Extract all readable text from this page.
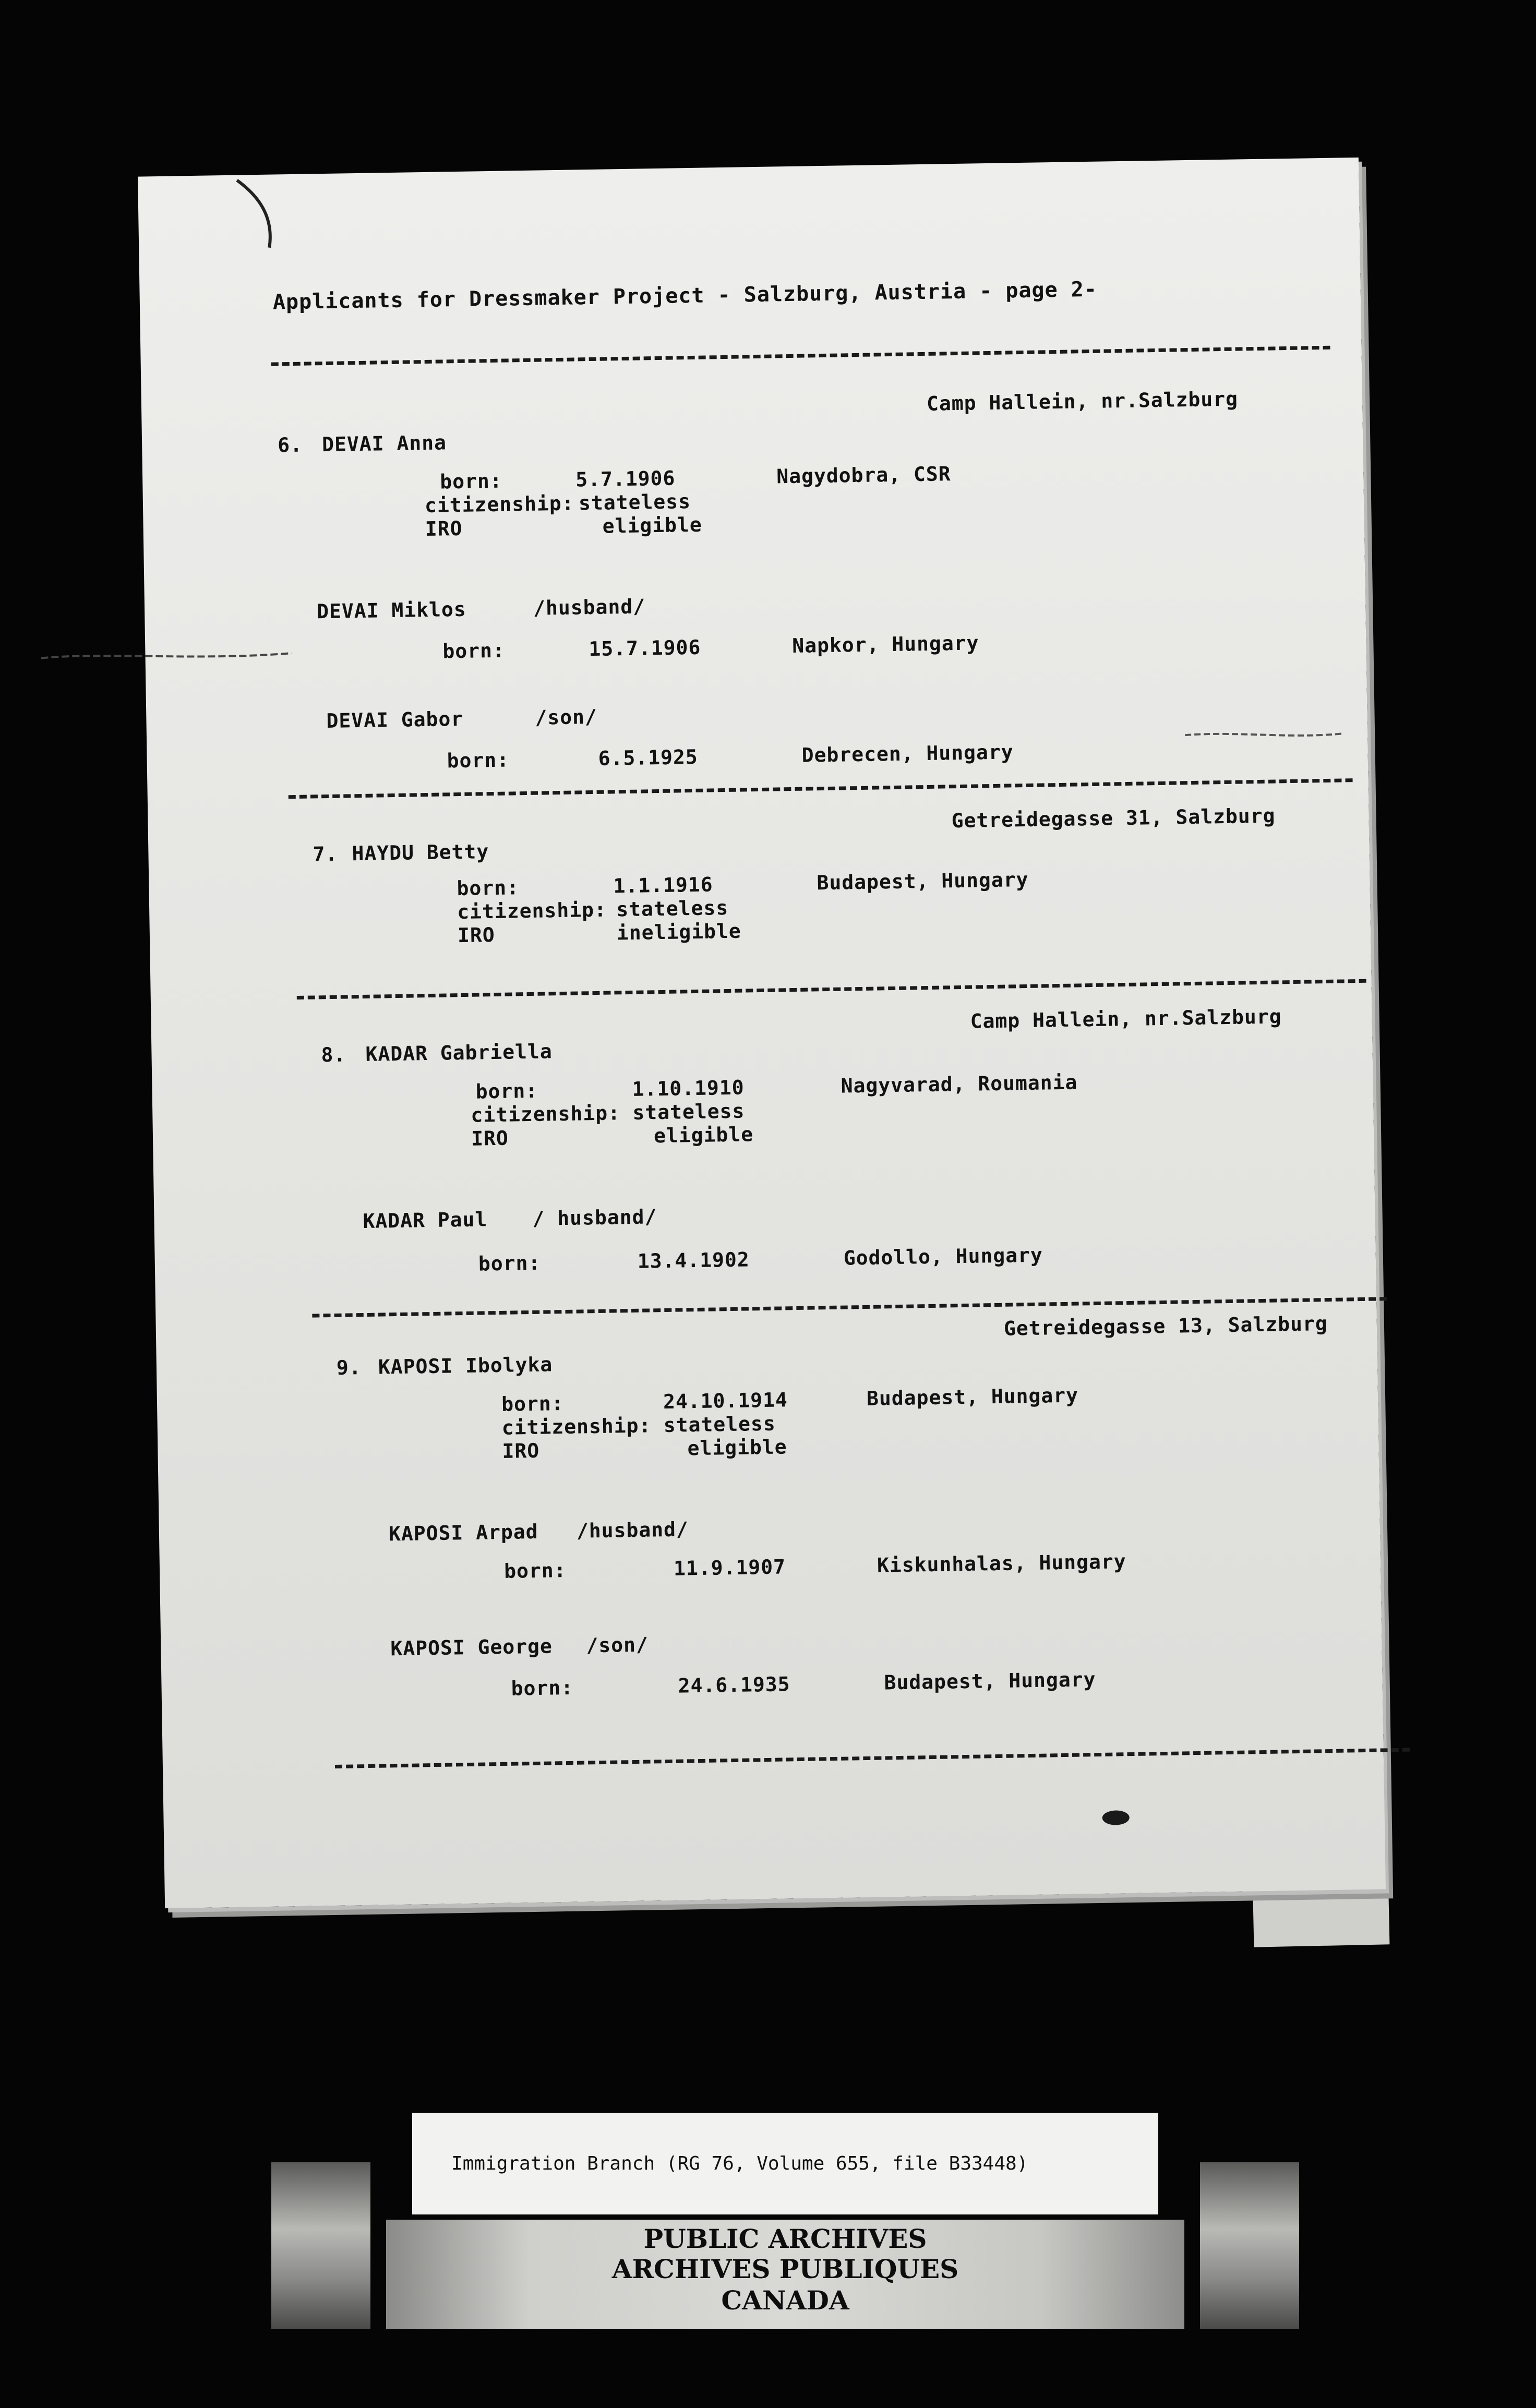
Applicants for Dressmaker Project - Salzburg, Austria - page 2-
6. DEVAI Anna
Camp Hallein, nr.Salzburg
born:	5.7.1906	Nagydobra, CSR
citizenship: stateless
IRO	eligible
DEVAI Miklos	/husband/
born:	15.7.1906	Napkor, Hungary
DEVAI Gabor	/son/
born:	6.5.1925	Debrecen, Hungary
7. HAYDU Betty
Getreidegasse 31, Salzburg
born:	1.1.1916	Budapest, Hungary
citizenship: stateless
IRO	ineligible
8. KADAR Gabriella
Camp Hallein, nr.Salzburg
born:	1.10.1910	Nagyvarad, Roumania
citizenship: stateless
IRO	eligible
KADAR Paul / husband/
born:	13.4.1902	Godollo, Hungary
9. KAPOSI Ibolyka
Getreidegasse 13, Salzburg
born:	24.10.1914	Budapest, Hungary
citizenship: stateless
IRO	eligible
KAPOSI Arpad /husband/
born:	11.9.1907	Kiskunhalas, Hungary
KAPOSI George /son/
born:	24.6.1935	Budapest, Hungary
Immigration Branch (RG 76, Volume 655, file B33448)
PUBLIC ARCHIVES
ARCHIVES PUBLIQUES
CANADA
